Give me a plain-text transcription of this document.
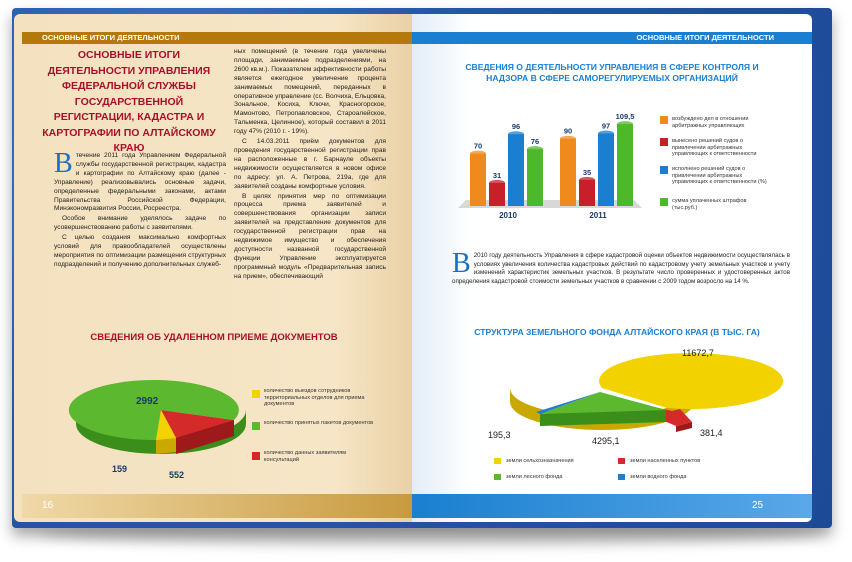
ОСНОВНЫЕ ИТОГИ ДЕЯТЕЛЬНОСТИ
ОСНОВНЫЕ ИТОГИ ДЕЯТЕЛЬНОСТИ УПРАВЛЕНИЯ ФЕДЕРАЛЬНОЙ СЛУЖБЫ ГОСУДАРСТВЕННОЙ РЕГИСТРАЦИИ, КАДАСТРА И КАРТОГРАФИИ ПО АЛТАЙСКОМУ КРАЮ

Втечение 2011 года Управлением Федеральной службы государственной регистрации, кадастра и картографии по Алтайскому краю (далее - Управление) реализовывались основные задачи, определенные федеральными законами, актами Правительства Российской Федерации, Минэкономразвития России, Росреестра.

Особое внимание уделялось задаче по усовершенствованию работы с заявителями.

С целью создания максимально комфортных условий для правообладателей осуществлены мероприятия по оптимизации размещения структурных подразделений и получению дополнительных служеб-

ных помещений (в течение года увеличены площади, занимаемые подразделениями, на 2600 кв.м.). Показателем эффективности работы является ежегодное увеличение процента занимаемых помещений, переданных в оперативное управление (сс. Волчиха, Ельцовка, Зональное, Косиха, Ключи, Красногорское, Мамонтово, Петропавловское, Староалейское, Тальменка, Целинное), который составил в 2011 году 47% (2010 г. - 19%).

С 14.03.2011 приём документов для проведения государственной регистрации прав на расположенные в г. Барнауле объекты недвижимости осуществляется в новом офисе по адресу: ул. А. Петрова, 219а, где для заявителей созданы комфортные условия.

В целях принятия мер по оптимизации процесса приема заявителей и совершенствования организации записи заявителей на представление документов для государственной регистрации прав на недвижимое имущество и обеспечения доступности названной государственной функции Управление эксплуатируется программный модуль «Предварительная запись на прием», обеспечивающий

СВЕДЕНИЯ ОБ УДАЛЕННОМ ПРИЕМЕ ДОКУМЕНТОВ
2992
159
552
количество выездов сотрудников территориальных отделов для приема документов
количество принятых пакетов документов
количество данных заявителям консультаций
16
ОСНОВНЫЕ ИТОГИ ДЕЯТЕЛЬНОСТИ
СВЕДЕНИЯ О ДЕЯТЕЛЬНОСТИ УПРАВЛЕНИЯ В СФЕРЕ КОНТРОЛЯ И НАДЗОРА В СФЕРЕ САМОРЕГУЛИРУЕМЫХ ОРГАНИЗАЦИЙ
70
31
96
76
2010
90
35
97
109,5
2011
возбуждено дел в отношении арбитражных управляющих
вынесено решений судов о привлечении арбитражных управляющих к ответственности
исполнено решений судов о привлечении арбитражных управляющих к ответственности (%)
сумма уплаченных штрафов (тыс.руб.)

В 2010 году деятельность Управления в сфере кадастровой оценки объектов недвижимости осуществлялась в условиях увеличения количества кадастровых действий по кадастровому учету земельных участков и учету изменений характеристик земельных участков. В результате число проверенных и удостоверенных актов определения кадастровой стоимости земельных участков в сравнении с 2009 годом возросло на 14 %.

СТРУКТУРА ЗЕМЕЛЬНОГО ФОНДА АЛТАЙСКОГО КРАЯ (В ТЫС. ГА)
11672,7
381,4
4295,1
195,3
земли сельхозназначения	земли населенных пунктов
земли лесного фонда	земли водного фонда
25
